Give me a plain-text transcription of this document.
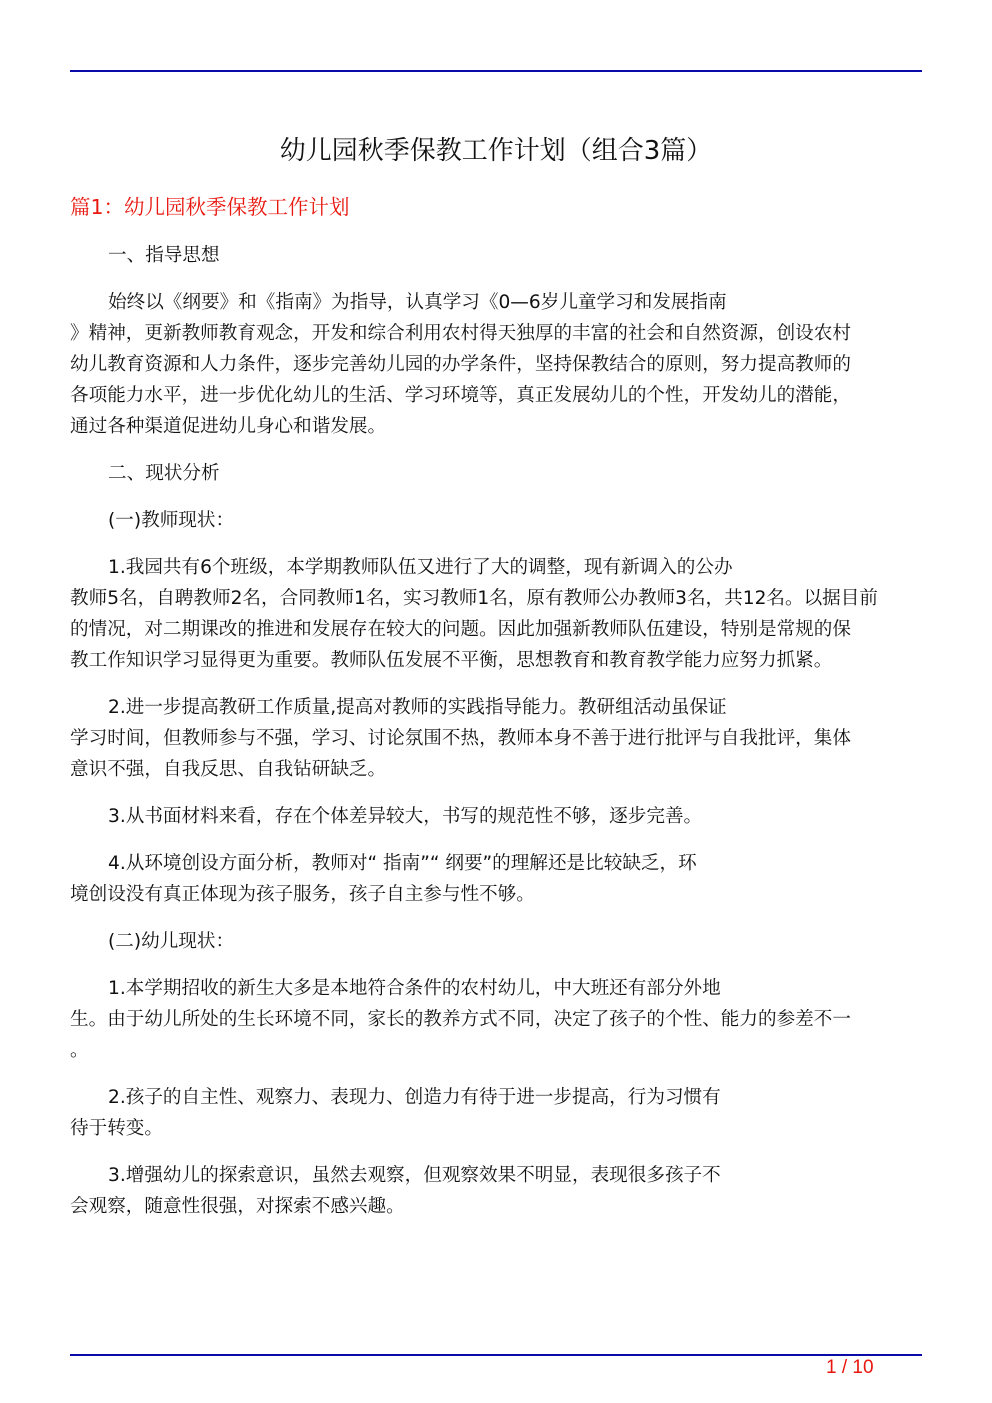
幼儿园秋季保教工作计划（组合3篇）
篇1：幼儿园秋季保教工作计划
一、指导思想
始终以《纲要》和《指南》为指导，认真学习《0—6岁儿童学习和发展指南
》精神，更新教师教育观念，开发和综合利用农村得天独厚的丰富的社会和自然资源，创设农村
幼儿教育资源和人力条件，逐步完善幼儿园的办学条件，坚持保教结合的原则，努力提高教师的
各项能力水平，进一步优化幼儿的生活、学习环境等，真正发展幼儿的个性，开发幼儿的潜能，
通过各种渠道促进幼儿身心和谐发展。
二、现状分析
(一)教师现状：
1.我园共有6个班级，本学期教师队伍又进行了大的调整，现有新调入的公办
教师5名，自聘教师2名，合同教师1名，实习教师1名，原有教师公办教师3名，共12名。以据目前
的情况，对二期课改的推进和发展存在较大的问题。因此加强新教师队伍建设，特别是常规的保
教工作知识学习显得更为重要。教师队伍发展不平衡，思想教育和教育教学能力应努力抓紧。
2.进一步提高教研工作质量,提高对教师的实践指导能力。教研组活动虽保证
学习时间，但教师参与不强，学习、讨论氛围不热，教师本身不善于进行批评与自我批评，集体
意识不强，自我反思、自我钻研缺乏。
3.从书面材料来看，存在个体差异较大，书写的规范性不够，逐步完善。
4.从环境创设方面分析，教师对“ 指南”“ 纲要”的理解还是比较缺乏，环
境创设没有真正体现为孩子服务，孩子自主参与性不够。
(二)幼儿现状：
1.本学期招收的新生大多是本地符合条件的农村幼儿，中大班还有部分外地
生。由于幼儿所处的生长环境不同，家长的教养方式不同，决定了孩子的个性、能力的参差不一
。
2.孩子的自主性、观察力、表现力、创造力有待于进一步提高，行为习惯有
待于转变。
3.增强幼儿的探索意识，虽然去观察，但观察效果不明显，表现很多孩子不
会观察，随意性很强，对探索不感兴趣。
1 / 10
